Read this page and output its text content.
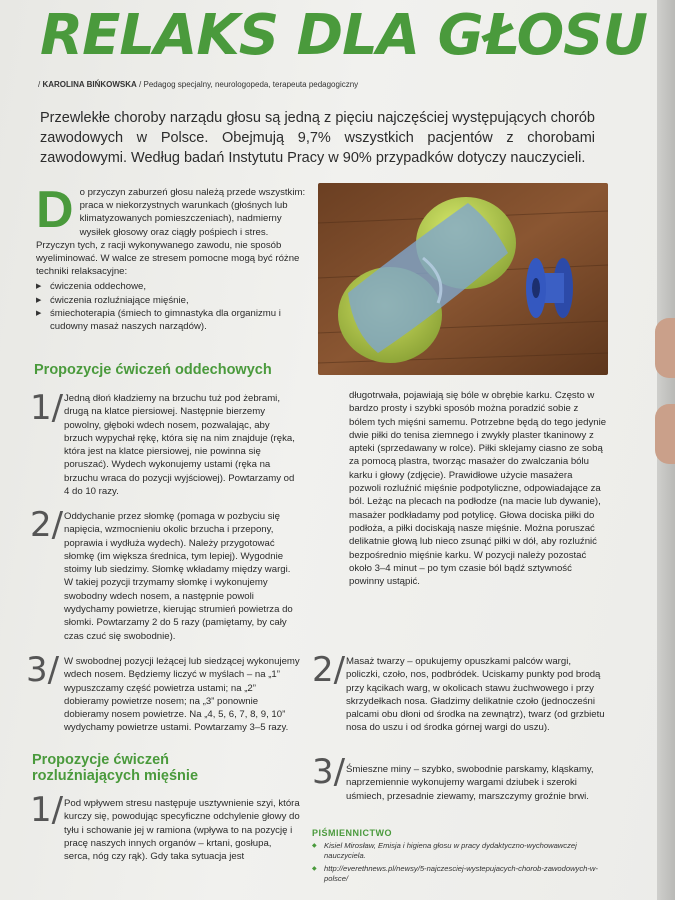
RELAKS DLA GŁOSU
/ KAROLINA BIŃKOWSKA / Pedagog specjalny, neurologopeda, terapeuta pedagogiczny

Przewlekłe choroby narządu głosu są jedną z pięciu najczęściej występujących chorób zawodowych w Polsce. Obejmują 9,7% wszystkich pacjentów z chorobami zawodowymi. Według badań Instytutu Pracy w 90% przypadków dotyczy nauczycieli.

D o przyczyn zaburzeń głosu należą przede wszystkim: praca w niekorzystnych warunkach (głośnych lub klimatyzowanych pomieszczeniach), nadmierny wysiłek głosowy oraz ciągły pośpiech i stres. Przyczyn tych, z racji wykonywanego zawodu, nie sposób wyeliminować. W walce ze stresem pomocne mogą być różne techniki relaksacyjne:

▶ ćwiczenia oddechowe,
▶ ćwiczenia rozluźniające mięśnie,
▶ śmiechoterapia (śmiech to gimnastyka dla organizmu i cudowny masaż naszych narządów).
Propozycje ćwiczeń oddechowych
1/ Jedną dłoń kładziemy na brzuchu tuż pod żebrami, drugą na klatce piersiowej. Następnie bierzemy powolny, głęboki wdech nosem, pozwalając, aby brzuch wypychał rękę, która się na nim znajduje (ręka, która jest na klatce piersiowej, nie powinna się poruszać). Wydech wykonujemy ustami (ręka na brzuchu wraca do pozycji wyjściowej). Powtarzamy od 4 do 10 razy.

2/ Oddychanie przez słomkę (pomaga w pozbyciu się napięcia, wzmocnieniu okolic brzucha i przepony, poprawia i wydłuża wydech). Należy przygotować słomkę (im większa średnica, tym lepiej). Wygodnie stoimy lub siedzimy. Słomkę wkładamy między wargi. W takiej pozycji trzymamy słomkę i wykonujemy swobodny wdech nosem, a następnie powoli wydychamy powietrze, kierując strumień powietrza do słomki. Powtarzamy 2 do 5 razy (pamiętamy, by cały czas czuć się swobodnie).

3/ W swobodnej pozycji leżącej lub siedzącej wykonujemy wdech nosem. Będziemy liczyć w myślach – na „1” wypuszczamy część powietrza ustami; na „2” dobieramy powietrze nosem; na „3” ponownie dobieramy nosem powietrze. Na „4, 5, 6, 7, 8, 9, 10” wydychamy powietrze ustami. Powtarzamy 3–5 razy.

Propozycje ćwiczeń
rozluźniających mięśnie
1/ Pod wpływem stresu następuje usztywnienie szyi, która kurczy się, powodując specyficzne odchylenie głowy do tyłu i schowanie jej w ramiona (wpływa to na pozycję i pracę naszych innych organów – krtani, gosłupa, serca, nóg czy rąk). Gdy taka sytuacja jest

długotrwała, pojawiają się bóle w obrębie karku. Często w bardzo prosty i szybki sposób można poradzić sobie z bólem tych mięśni samemu. Potrzebne będą do tego jedynie dwie piłki do tenisa ziemnego i zwykły plaster tkaninowy z apteki (sprzedawany w rolce). Piłki sklejamy ciasno ze sobą za pomocą plastra, tworząc masażer do zwalczania bólu karku i głowy (zdjęcie). Prawidłowe użycie masażera pozwoli rozluźnić mięśnie podpotyliczne, odpowiadające za ból. Leżąc na plecach na podłodze (na macie lub dywanie), masażer podkładamy pod potylicę. Głowa dociska piłki do podłoża, a piłki dociskają nasze mięśnie. Można poruszać delikatnie głową lub nieco zsunąć piłki w dół, aby rozluźnić bezpośrednio mięśnie karku. W pozycji należy pozostać około 3–4 minut – po tym czasie ból bądź sztywność powinny ustąpić.

2/ Masaż twarzy – opukujemy opuszkami palców wargi, policzki, czoło, nos, podbródek. Uciskamy punkty pod brodą przy kącikach warg, w okolicach stawu żuchwowego i przy skrzydełkach nosa. Gładzimy delikatnie czoło (jednocześni palcami obu dłoni od środka na zewnątrz), twarz (od grzbietu nosa do uszu i od środka górnej wargi do uszu).

3/ Śmieszne miny – szybko, swobodnie parskamy, kląskamy, naprzemiennie wykonujemy wargami dziubek i szeroki uśmiech, przesadnie ziewamy, marszczymy groźnie brwi.

PIŚMIENNICTWO
◆ Kisiel Mirosław, Emisja i higiena głosu w pracy dydaktyczno-wychowawczej nauczyciela.
◆ http://everethnews.pl/newsy/5-najczesciej-wystepujacych-chorob-zawodowych-w-polsce/
